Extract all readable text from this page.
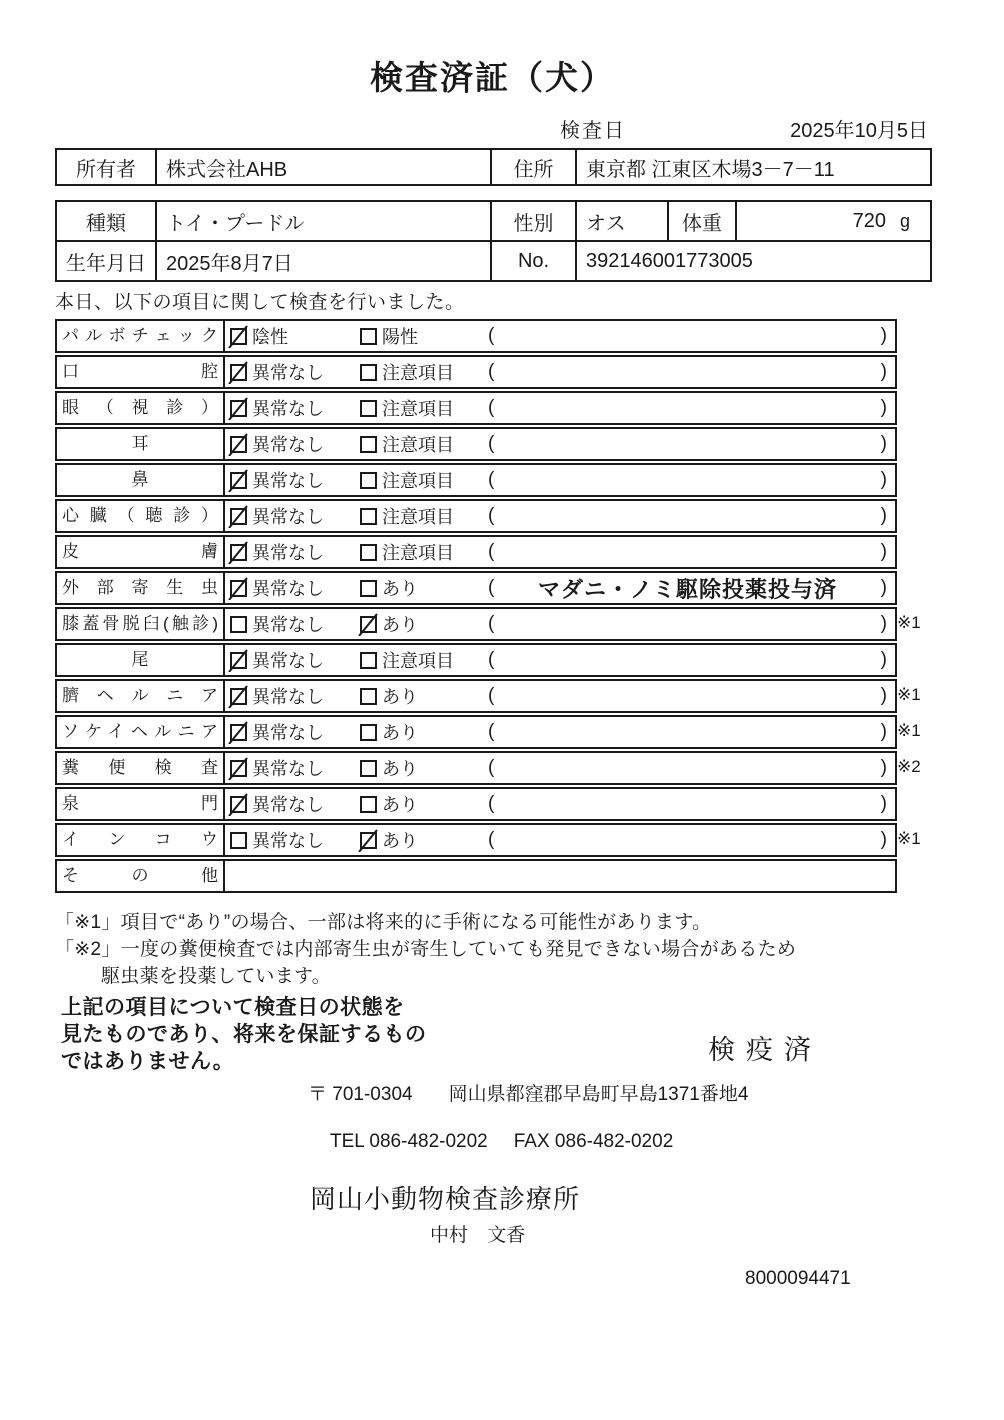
検査済証（犬）
検査日	2025年10月5日
所有者	株式会社AHB	住所	東京都 江東区木場3－7－11
種類	トイ・プードル	性別	オス	体重	720 g
生年月日	2025年8月7日	No.	392146001773005		
本日、以下の項目に関して検査を行いました。
パルボチェック	陰性	陽性	(	)
口腔	異常なし	注意項目 (	)
眼（視診）	異常なし	注意項目 (	)
耳	異常なし	注意項目 (	)
鼻	異常なし	注意項目 (	)
心臓（聴診）	異常なし	注意項目 (	)
皮膚	異常なし	注意項目 (	)
外部寄生虫	異常なし	あり	(	マダニ・ノミ駆除投薬投与済	)
膝蓋骨脱臼(触診)	異常なし	あり	(	) ※1
尾	異常なし	注意項目 (	)
臍ヘルニア	異常なし	あり	(	) ※1
ソケイヘルニア	異常なし	あり	(	) ※1
糞便検査	異常なし	あり	(	) ※2
泉門	異常なし	あり	(	)
インコウ	異常なし	あり	(	) ※1
その他
「※1」項目で“あり”の場合、一部は将来的に手術になる可能性があります。
「※2」一度の糞便検査では内部寄生虫が寄生していても発見できない場合があるため
駆虫薬を投薬しています。
上記の項目について検査日の状態を
見たものであり、将来を保証するもの
ではありません。	検疫済
〒 701-0304 岡山県都窪郡早島町早島1371番地4
TEL 086-482-0202 FAX 086-482-0202
岡山小動物検査診療所
中村 文香
8000094471
